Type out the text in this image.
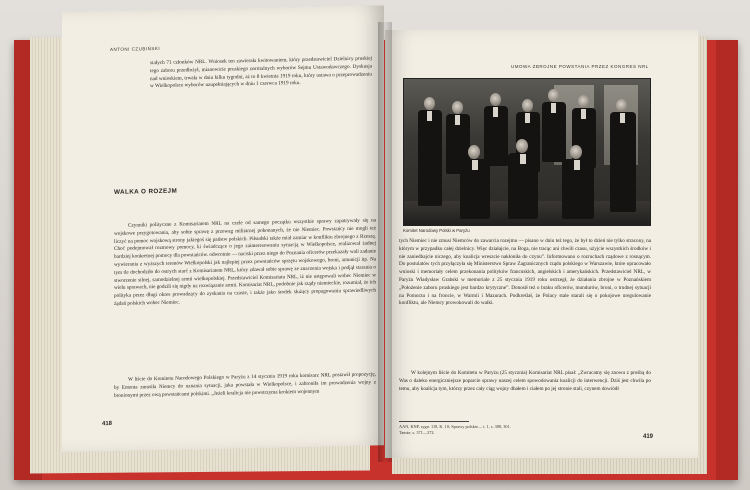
ANTONI CZUBIŃSKI
stałych 71 członków NRL. Wniosek ten zawierała kwitowaniem, który przedstawiciel Dzielnicy pruskiej tego zaboru przedłożył, mianowicie pruskiego normalnych wyborów Sejmu Ustawodawczego. Dyskusja nad wnioskiem, trwała w dniu kilku tygodni, aż to 8 kwietnia 1919 roku, który ustawa o przeprowadzeniu w Wielkopolsce wyborów uzupełniających w dniu 1 czerwca 1919 roku.
WALKA O ROZEJM
Czynniki polityczne z Komisariatem NRL na czele od samego początku wszystkie sprawy zapatrywały się na wojskowe przygotowania, aby sobie sprawę z przewag militarnej pokonanych, że nie Niemiec. Powstańcy nie mogli też liczyć na pomoc wojskową strony jakiegoś się państw polskich. Piłsudski także miał zamiar w konfliktu zbrojnego z Rzeszą. Choć podejmował rozmowy pomocy, ki świadczące o jego zainteresowaniu sytuacją w Wielkopolsce, realizował żadnej bardziej konkretnej pomocy dla powstańców. odwrotnie — naciski przez niego do Poznania oficerów przekazały wali zadanie wywierania z wyższych terenów Wielkopolski jak najlepiej przez powstańców sprzętu wojskowego, broni, amunicji itp. Na tym tle dochodziło do ostrych starć z Komisariatem NRL, który zdawał sobie sprawę ze znaczenia wojska i podjął starania o stworzenie silnej, samodzielnej armii wielkopolskiej. Przedstawiciel Komisariatu NRL, iż nie ustępowali wobec Niemiec w wielu sprawach, nie godzili się nigdy na rozwiązanie armii. Komisariat NRL, podobnie jak rządy niemieckie, rozumiał, że ich polityka przez długi okres prowadzący do zyskania na czasie, i także jako środek służący propagowaniu sprawiedliwych żądań polskich wobec Niemiec.
W liście do Komitetu Narodowego Polskiego w Paryżu z 14 stycznia 1919 roku komisarz NRL postawił propozycję, by Ententa zmusiła Niemcy do uznania sytuacji, jaka powstała w Wielkopolsce, i zabroniła im prowadzenia wojny z bronionymi przez ową powstańcami polskimi. „Jeżeli koalicja nie powstrzyma krokiem wojennym
418
UMOWA ZBROJNE POWSTANIA PRZEZ KONGRES NRL
Komitet Narodowy Polski w Paryżu
tych Niemiec i nie zmusi Niemców do zawarcia rozejmu — pisano w dniu też tego, że był to dzień nie tylko stracony, na którym w przypadku całej dzielnicy. Więc działajcie, na Boga, nie tracąc ani chwili czasu, użyjcie wszystkich środków i nie zaniedbajcie niczego, aby koalicja wreszcie nakłoniła do czynu”. Informowano o rozruchach rządowe z rosnącym. Do postulatów tych przyłączyła się Ministerstwo Spraw Zagranicznych rządu polskiego w Warszawie, które opracowało wnioski i memoriały celem przekonania polityków francuskich, angielskich i amerykańskich. Przedstawiciel NRL, w Paryżu Władysław Grabski w memoriale z 25 stycznia 1919 roku ostrzegł, że działania zbrojne w Poznańskiem „Położenie zaboru pruskiego jest bardzo krytyczne”. Donosił też o braku oficerów, mundurów, broni, o trudnej sytuacji na Pomorzu i na froncie, w Warmii i Mazurach. Podkreślał, że Polacy stale starali się o pokojowe uregulowanie konfliktu, ale Niemcy prowokowali do walki.
W kolejnym liście do Komitetu w Paryżu (25 stycznia) Komisariat NRL pisał: „Zwracamy się znowu z prośbą do Was o daleko energiczniejsze poparcie sprawy naszej celem spowodowania koalicji do interwencji. Dziś jest chwila po temu, aby koalicja tym, którzy przez cały ciąg wojny dbałem i ciałem po jej stronie stali, czynem dowiódł
AAN, KNP, sygn. 118, K. 10; Sprawy polskie..., t. 1, s. 388, 301.
Tamże, s. 371—372.
419
